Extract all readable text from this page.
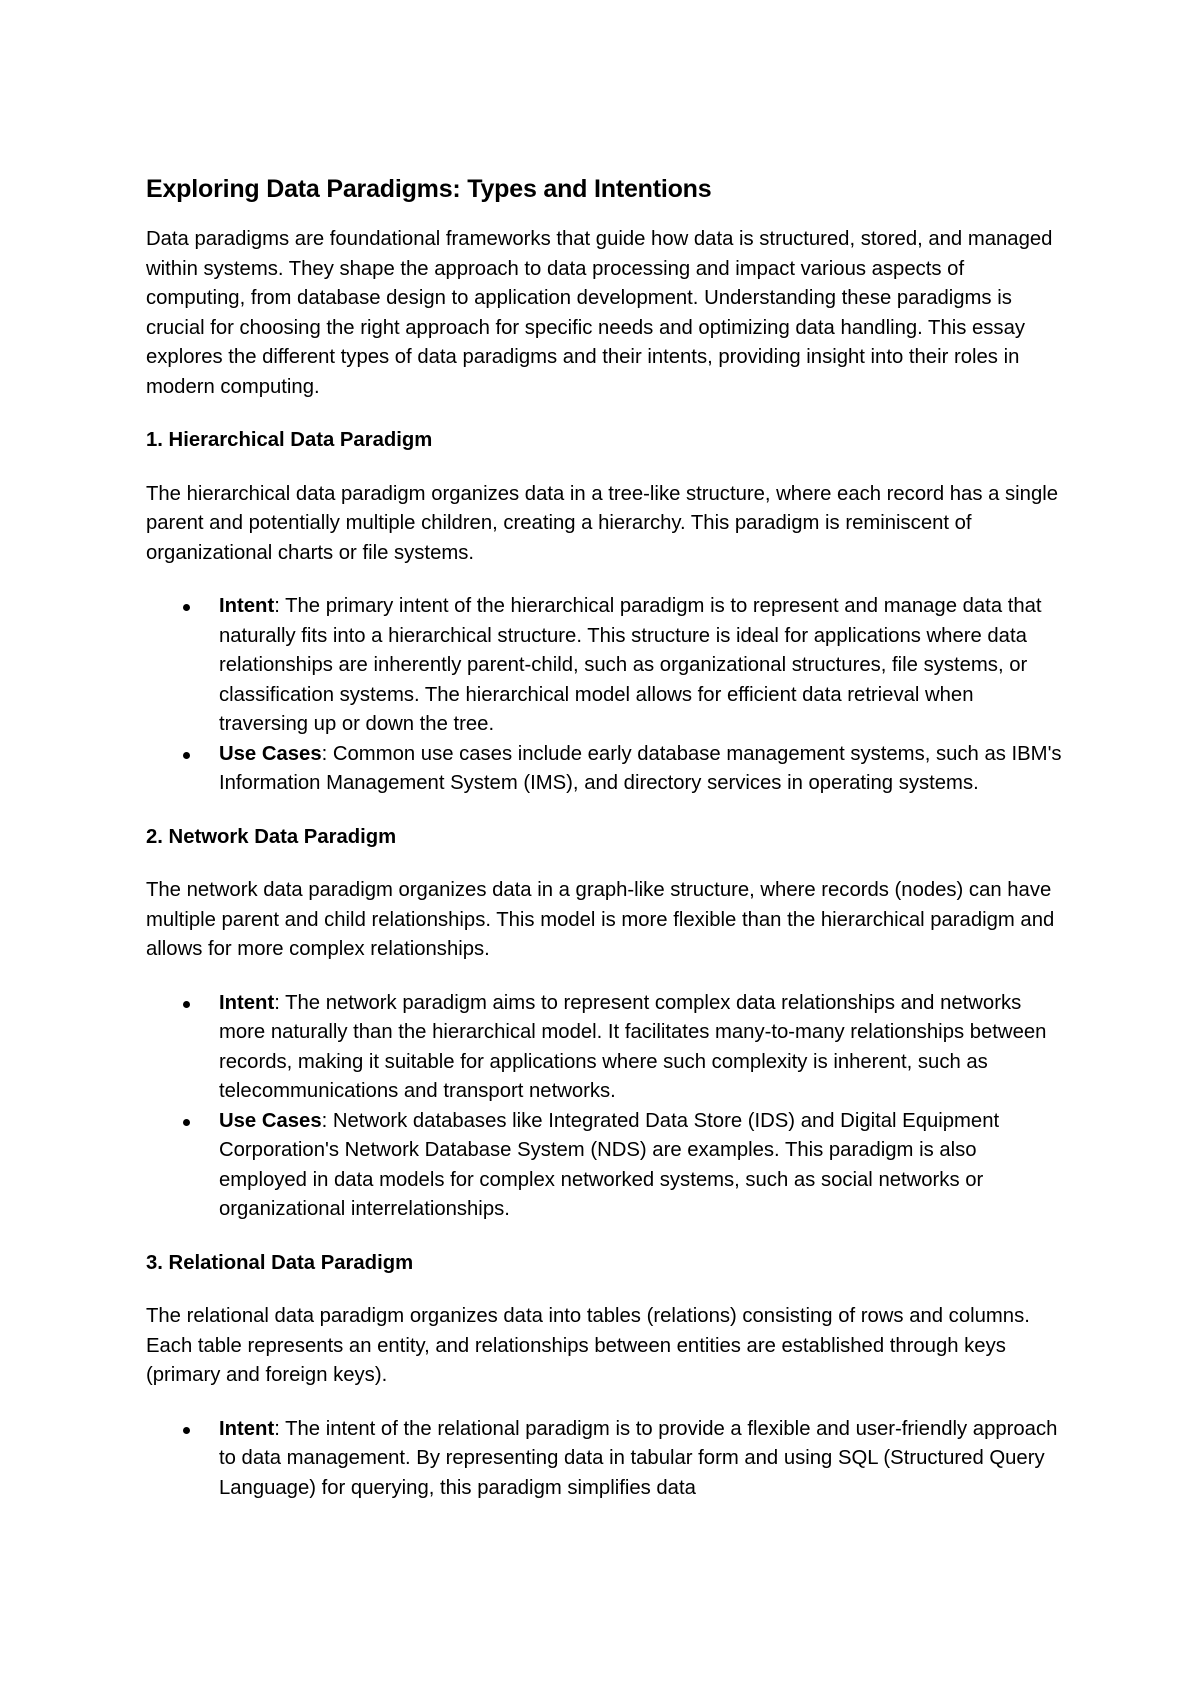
Exploring Data Paradigms: Types and Intentions

Data paradigms are foundational frameworks that guide how data is structured, stored, and managed within systems. They shape the approach to data processing and impact various aspects of computing, from database design to application development. Understanding these paradigms is crucial for choosing the right approach for specific needs and optimizing data handling. This essay explores the different types of data paradigms and their intents, providing insight into their roles in modern computing.

1. Hierarchical Data Paradigm

The hierarchical data paradigm organizes data in a tree-like structure, where each record has a single parent and potentially multiple children, creating a hierarchy. This paradigm is reminiscent of organizational charts or file systems.

Intent: The primary intent of the hierarchical paradigm is to represent and manage data that naturally fits into a hierarchical structure. This structure is ideal for applications where data relationships are inherently parent-child, such as organizational structures, file systems, or classification systems. The hierarchical model allows for efficient data retrieval when traversing up or down the tree.
Use Cases: Common use cases include early database management systems, such as IBM's Information Management System (IMS), and directory services in operating systems.
2. Network Data Paradigm

The network data paradigm organizes data in a graph-like structure, where records (nodes) can have multiple parent and child relationships. This model is more flexible than the hierarchical paradigm and allows for more complex relationships.

Intent: The network paradigm aims to represent complex data relationships and networks more naturally than the hierarchical model. It facilitates many-to-many relationships between records, making it suitable for applications where such complexity is inherent, such as telecommunications and transport networks.
Use Cases: Network databases like Integrated Data Store (IDS) and Digital Equipment Corporation's Network Database System (NDS) are examples. This paradigm is also employed in data models for complex networked systems, such as social networks or organizational interrelationships.
3. Relational Data Paradigm

The relational data paradigm organizes data into tables (relations) consisting of rows and columns. Each table represents an entity, and relationships between entities are established through keys (primary and foreign keys).

Intent: The intent of the relational paradigm is to provide a flexible and user-friendly approach to data management. By representing data in tabular form and using SQL (Structured Query Language) for querying, this paradigm simplifies data
